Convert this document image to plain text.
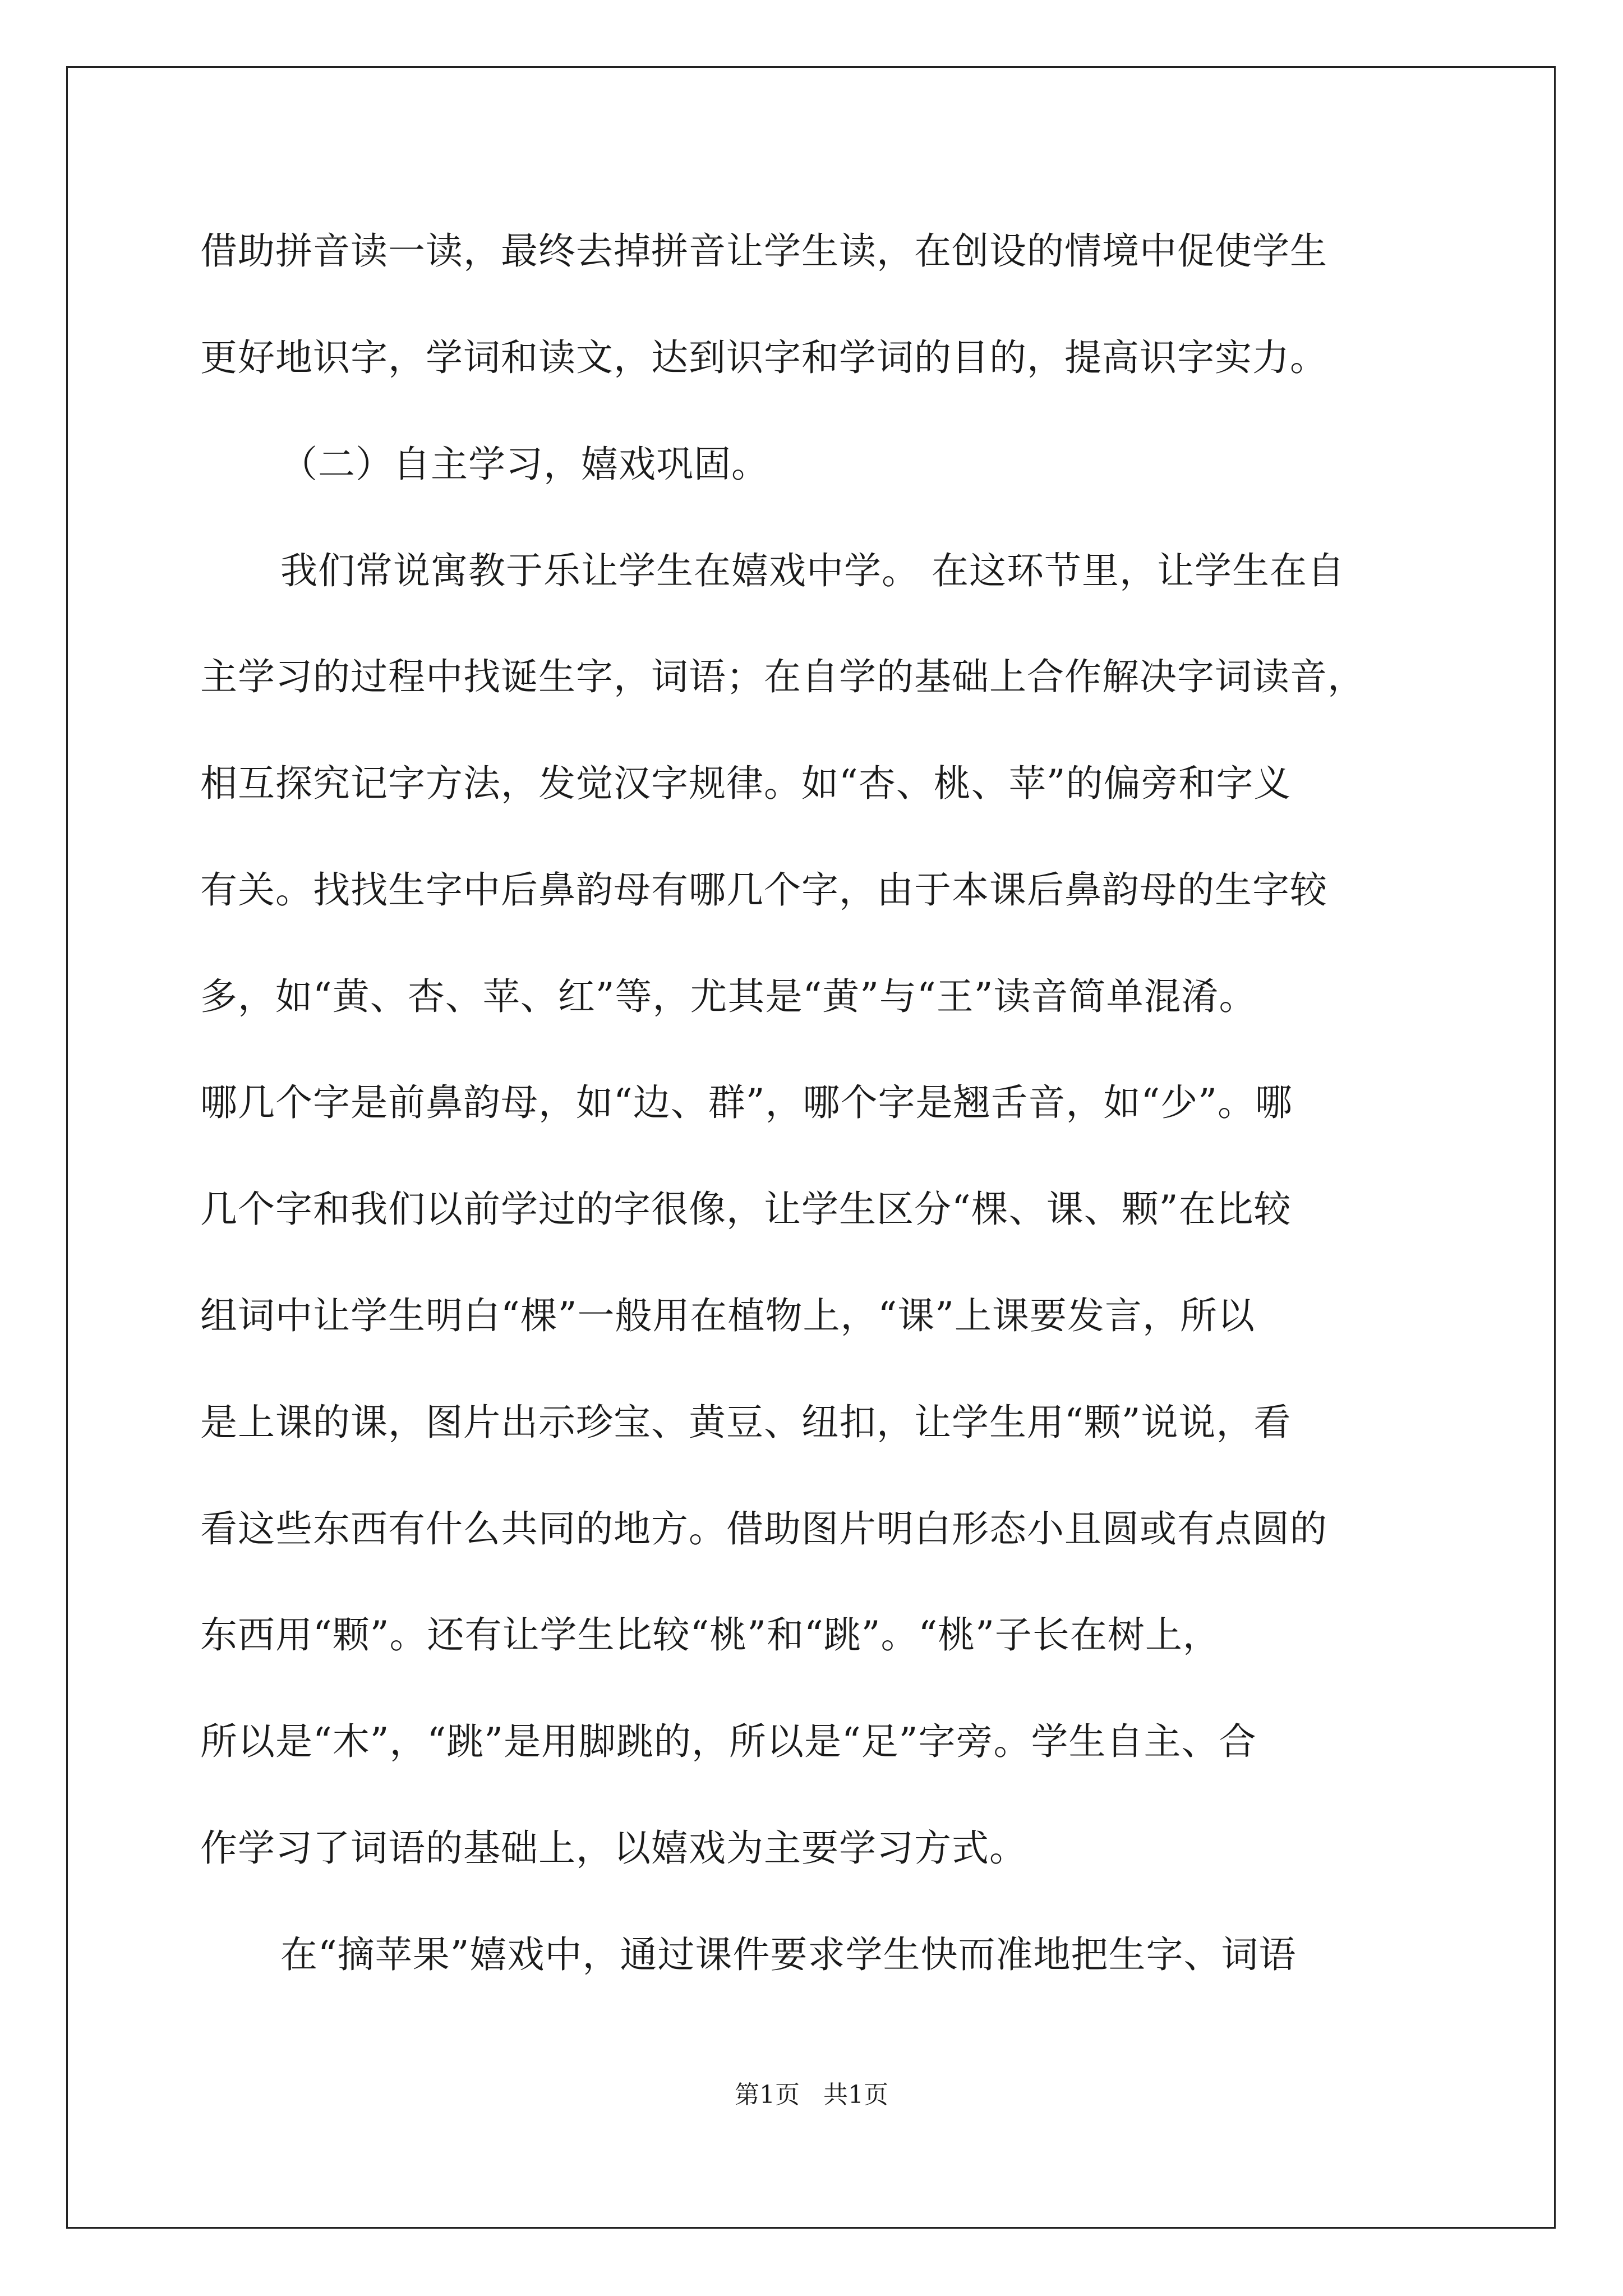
借助拼音读一读，最终去掉拼音让学生读，在创设的情境中促使学生
更好地识字，学词和读文，达到识字和学词的目的，提高识字实力。
（二）自主学习，嬉戏巩固。
我们常说寓教于乐让学生在嬉戏中学。 在这环节里，让学生在自
主学习的过程中找诞生字，词语；在自学的基础上合作解决字词读音，
相互探究记字方法，发觉汉字规律。如“杏、桃、苹”的偏旁和字义
有关。找找生字中后鼻韵母有哪几个字，由于本课后鼻韵母的生字较
多，如“黄、杏、苹、红”等，尤其是“黄”与“王”读音简单混淆。
哪几个字是前鼻韵母，如“边、群”，哪个字是翘舌音，如“少”。哪
几个字和我们以前学过的字很像，让学生区分“棵、课、颗”在比较
组词中让学生明白“棵”一般用在植物上，“课”上课要发言，所以
是上课的课，图片出示珍宝、黄豆、纽扣，让学生用“颗”说说，看
看这些东西有什么共同的地方。借助图片明白形态小且圆或有点圆的
东西用“颗”。还有让学生比较“桃”和“跳”。“桃”子长在树上，
所以是“木”，“跳”是用脚跳的，所以是“足”字旁。学生自主、合
作学习了词语的基础上，以嬉戏为主要学习方式。
在“摘苹果”嬉戏中，通过课件要求学生快而准地把生字、词语
第1页   共1页
